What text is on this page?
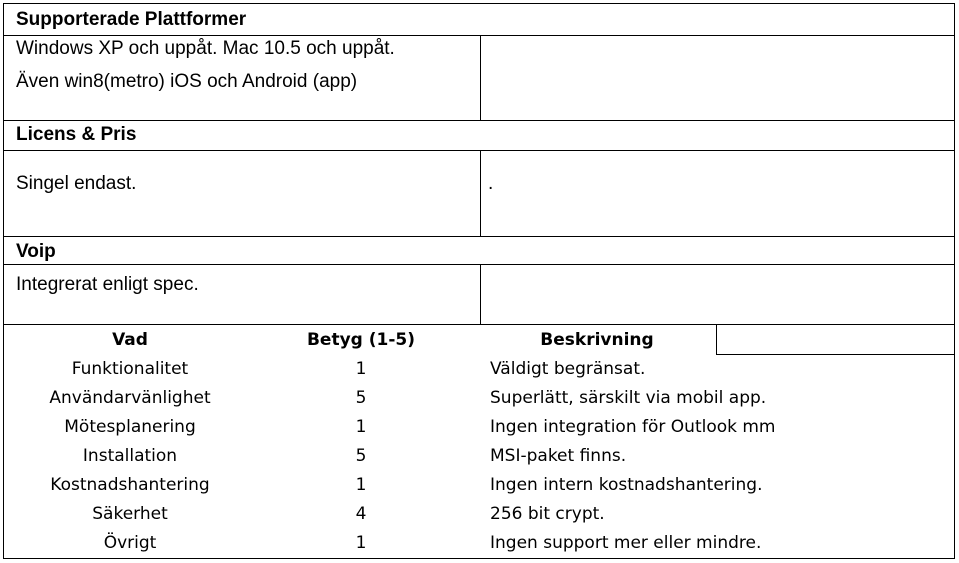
Supporterade Plattformer
Windows XP och uppåt. Mac 10.5 och uppåt.
Även win8(metro) iOS och Android (app)
Licens & Pris
Singel endast.	.
Voip
Integrerat enligt spec.
Vad	Betyg (1-5)	Beskrivning
Funktionalitet	1	Väldigt begränsat.
Användarvänlighet	5	Superlätt, särskilt via mobil app.
Mötesplanering	1	Ingen integration för Outlook mm
Installation	5	MSI-paket finns.
Kostnadshantering	1	Ingen intern kostnadshantering.
Säkerhet	4	256 bit crypt.
Övrigt	1	Ingen support mer eller mindre.
